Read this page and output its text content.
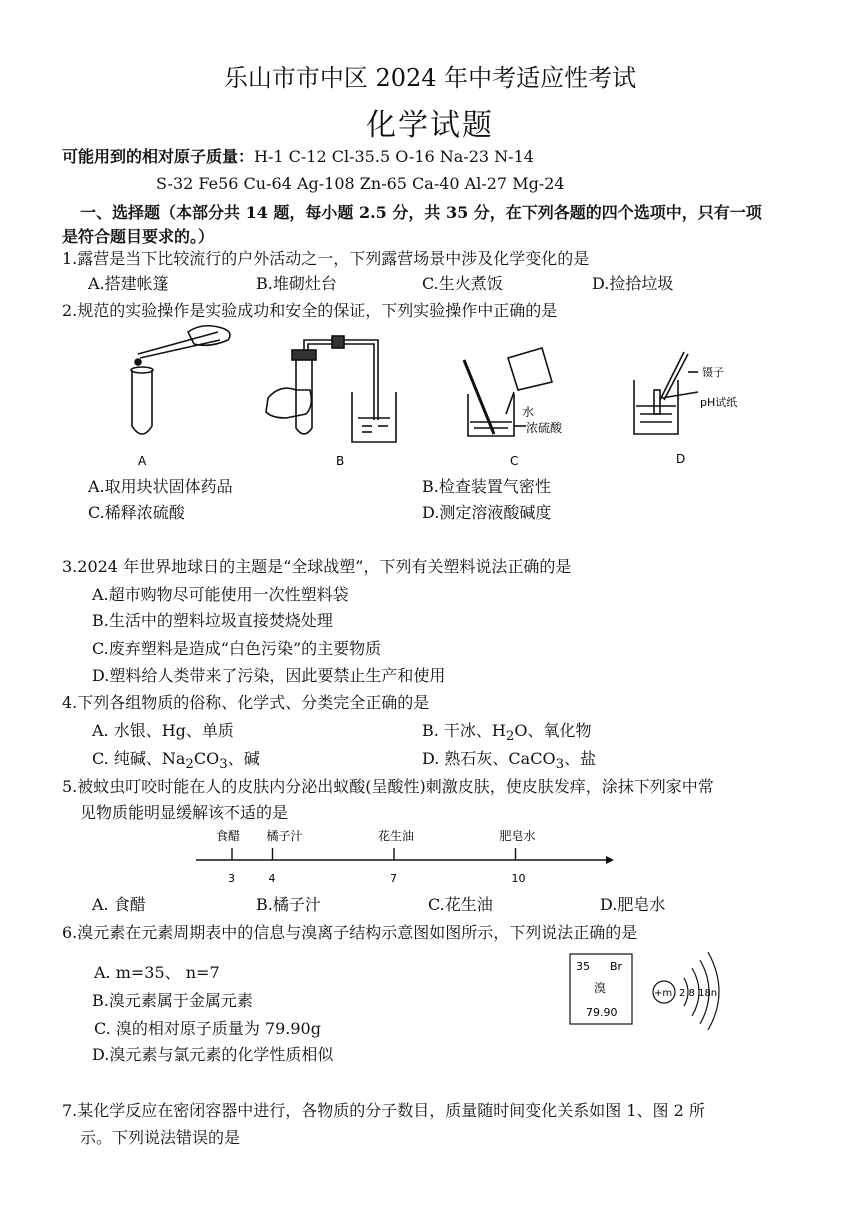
乐山市市中区 2024 年中考适应性考试
化学试题
可能用到的相对原子质量：H-1 C-12 Cl-35.5 O-16 Na-23 N-14
S-32 Fe56 Cu-64 Ag-108 Zn-65 Ca-40 Al-27 Mg-24
一、选择题（本部分共 14 题，每小题 2.5 分，共 35 分，在下列各题的四个选项中，只有一项
是符合题目要求的。）
1.露营是当下比较流行的户外活动之一，下列露营场景中涉及化学变化的是
A.搭建帐篷	B.堆砌灶台	C.生火煮饭	D.捡拾垃圾
2.规范的实验操作是实验成功和安全的保证，下列实验操作中正确的是
A	B
水
浓硫酸
C
镊子
pH试纸
D
A.取用块状固体药品	B.检查装置气密性
C.稀释浓硫酸	D.测定溶液酸碱度
3.2024 年世界地球日的主题是“全球战塑”，下列有关塑料说法正确的是
A.超市购物尽可能使用一次性塑料袋
B.生活中的塑料垃圾直接焚烧处理
C.废弃塑料是造成“白色污染”的主要物质
D.塑料给人类带来了污染，因此要禁止生产和使用
4.下列各组物质的俗称、化学式、分类完全正确的是
A. 水银、Hg、单质	B. 干冰、$H_2O$、氧化物
C. 纯碱、$Na_2CO_3$、碱	D. 熟石灰、CaCO$_3$、盐
5.被蚊虫叮咬时能在人的皮肤内分泌出蚁酸(呈酸性)刺激皮肤，使皮肤发痒，涂抹下列家中常
见物质能明显缓解该不适的是
食醋
3
橘子汁
4
花生油
7
肥皂水
10
A. 食醋	B.橘子汁	C.花生油	D.肥皂水
6.溴元素在元素周期表中的信息与溴离子结构示意图如图所示，下列说法正确的是
A. m=35、 n=7
B.溴元素属于金属元素
C. 溴的相对原子质量为 79.90g
D.溴元素与氯元素的化学性质相似
35 Br
溴
79.90
+m 2 8 18n
7.某化学反应在密闭容器中进行，各物质的分子数目，质量随时间变化关系如图 1、图 2 所
示。下列说法错误的是
